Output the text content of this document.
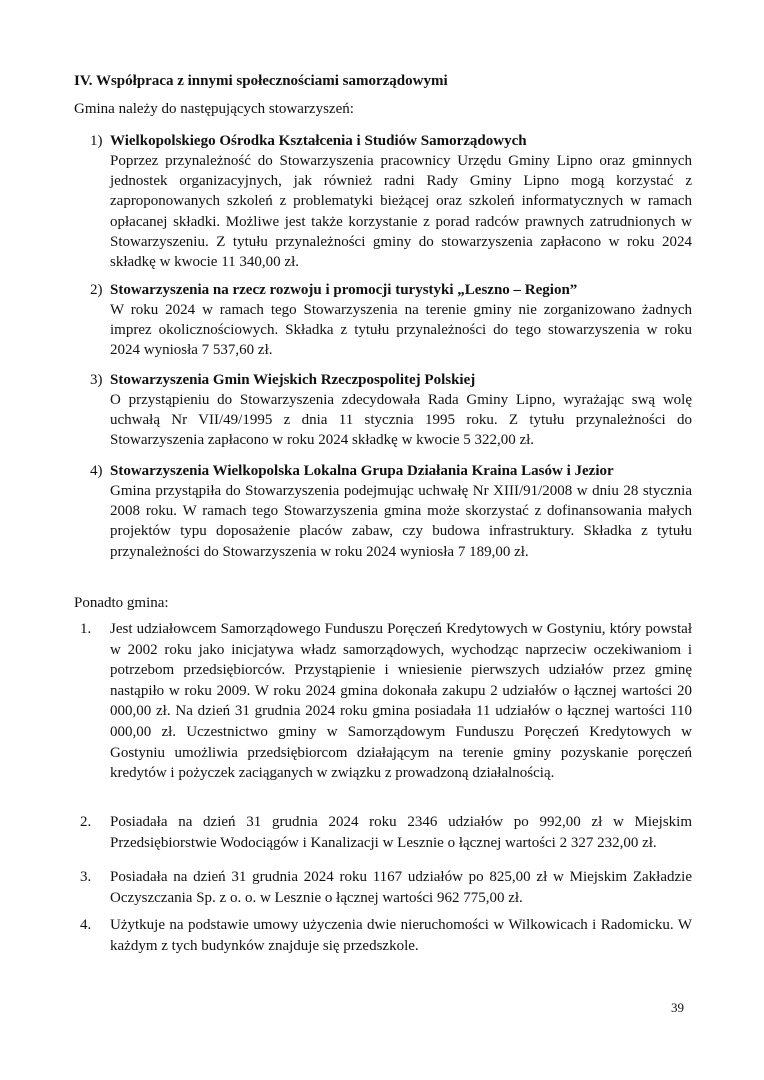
IV. Współpraca z innymi społecznościami samorządowymi
Gmina należy do następujących stowarzyszeń:
1) Wielkopolskiego Ośrodka Kształcenia i Studiów Samorządowych
Poprzez przynależność do Stowarzyszenia pracownicy Urzędu Gminy Lipno oraz gminnych jednostek organizacyjnych, jak również radni Rady Gminy Lipno mogą korzystać z zaproponowanych szkoleń z problematyki bieżącej oraz szkoleń informatycznych w ramach opłacanej składki. Możliwe jest także korzystanie z porad radców prawnych zatrudnionych w Stowarzyszeniu. Z tytułu przynależności gminy do stowarzyszenia zapłacono w roku 2024 składkę w kwocie 11 340,00 zł.
2) Stowarzyszenia na rzecz rozwoju i promocji turystyki „Leszno – Region”
W roku 2024 w ramach tego Stowarzyszenia na terenie gminy nie zorganizowano żadnych imprez okolicznościowych. Składka z tytułu przynależności do tego stowarzyszenia w roku 2024 wyniosła 7 537,60 zł.
3) Stowarzyszenia Gmin Wiejskich Rzeczpospolitej Polskiej
O przystąpieniu do Stowarzyszenia zdecydowała Rada Gminy Lipno, wyrażając swą wolę uchwałą Nr VII/49/1995 z dnia 11 stycznia 1995 roku. Z tytułu przynależności do Stowarzyszenia zapłacono w roku 2024 składkę w kwocie 5 322,00 zł.
4) Stowarzyszenia Wielkopolska Lokalna Grupa Działania Kraina Lasów i Jezior
Gmina przystąpiła do Stowarzyszenia podejmując uchwałę Nr XIII/91/2008 w dniu 28 stycznia 2008 roku. W ramach tego Stowarzyszenia gmina może skorzystać z dofinansowania małych projektów typu doposażenie placów zabaw, czy budowa infrastruktury. Składka z tytułu przynależności do Stowarzyszenia w roku 2024 wyniosła 7 189,00 zł.
Ponadto gmina:
1. Jest udziałowcem Samorządowego Funduszu Poręczeń Kredytowych w Gostyniu, który powstał w 2002 roku jako inicjatywa władz samorządowych, wychodząc naprzeciw oczekiwaniom i potrzebom przedsiębiorców. Przystąpienie i wniesienie pierwszych udziałów przez gminę nastąpiło w roku 2009. W roku 2024 gmina dokonała zakupu 2 udziałów o łącznej wartości 20 000,00 zł. Na dzień 31 grudnia 2024 roku gmina posiadała 11 udziałów o łącznej wartości 110 000,00 zł. Uczestnictwo gminy w Samorządowym Funduszu Poręczeń Kredytowych w Gostyniu umożliwia przedsiębiorcom działającym na terenie gminy pozyskanie poręczeń kredytów i pożyczek zaciąganych w związku z prowadzoną działalnością.
2. Posiadała na dzień 31 grudnia 2024 roku 2346 udziałów po 992,00 zł w Miejskim Przedsiębiorstwie Wodociągów i Kanalizacji w Lesznie o łącznej wartości 2 327 232,00 zł.
3. Posiadała na dzień 31 grudnia 2024 roku 1167 udziałów po 825,00 zł w Miejskim Zakładzie Oczyszczania Sp. z o. o. w Lesznie o łącznej wartości 962 775,00 zł.
4. Użytkuje na podstawie umowy użyczenia dwie nieruchomości w Wilkowicach i Radomicku. W każdym z tych budynków znajduje się przedszkole.
39
